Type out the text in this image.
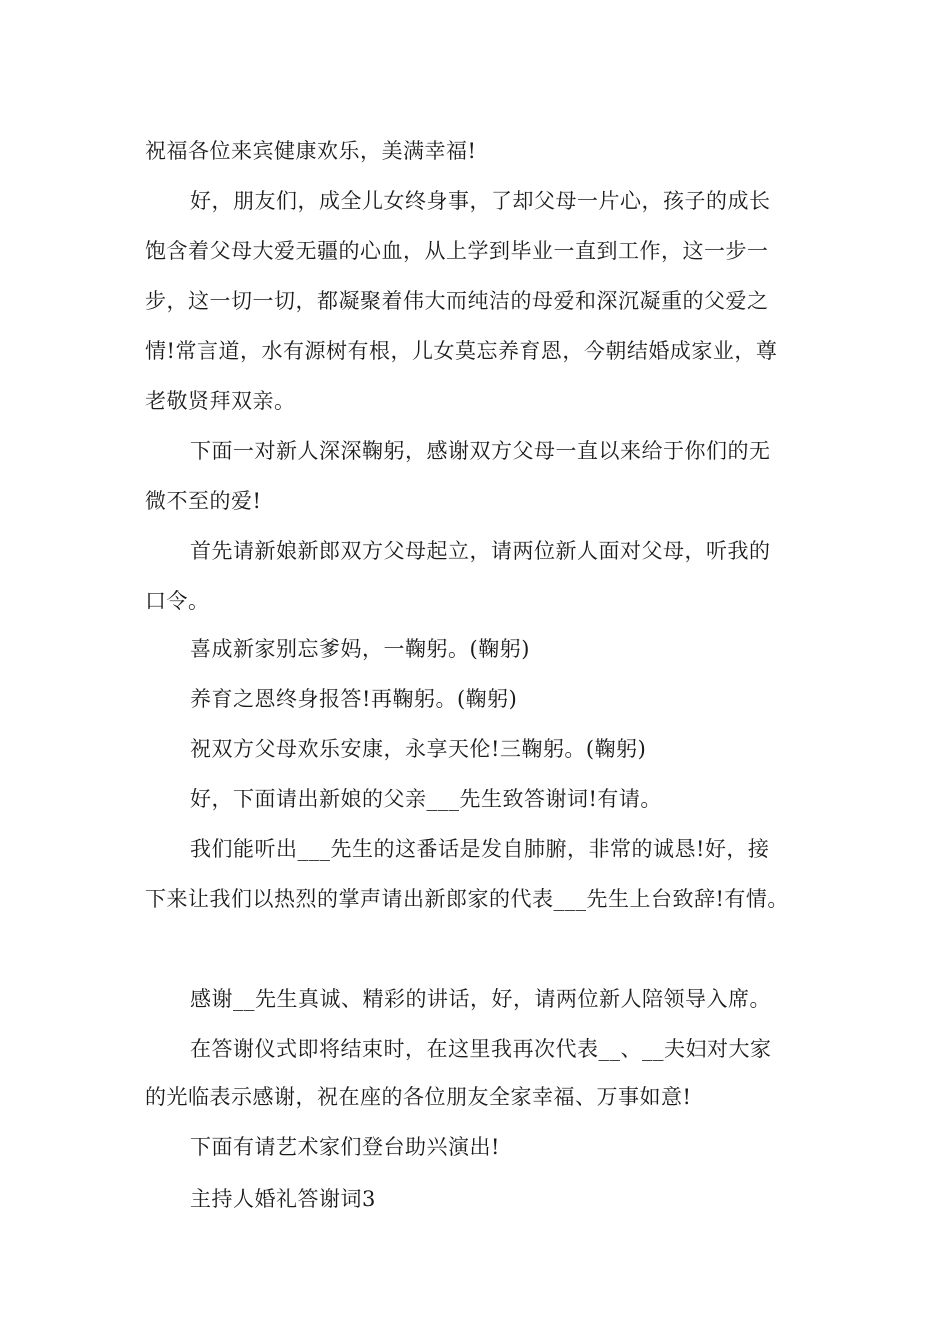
祝福各位来宾健康欢乐，美满幸福!
好，朋友们，成全儿女终身事，了却父母一片心，孩子的成长
饱含着父母大爱无疆的心血，从上学到毕业一直到工作，这一步一
步，这一切一切，都凝聚着伟大而纯洁的母爱和深沉凝重的父爱之
情!常言道，水有源树有根，儿女莫忘养育恩，今朝结婚成家业，尊
老敬贤拜双亲。
下面一对新人深深鞠躬，感谢双方父母一直以来给于你们的无
微不至的爱!
首先请新娘新郎双方父母起立，请两位新人面对父母，听我的
口令。
喜成新家别忘爹妈，一鞠躬。(鞠躬)
养育之恩终身报答!再鞠躬。(鞠躬)
祝双方父母欢乐安康，永享天伦!三鞠躬。(鞠躬)
好，下面请出新娘的父亲___先生致答谢词!有请。
我们能听出___先生的这番话是发自肺腑，非常的诚恳!好，接
下来让我们以热烈的掌声请出新郎家的代表___先生上台致辞!有情。
感谢__先生真诚、精彩的讲话，好，请两位新人陪领导入席。
在答谢仪式即将结束时，在这里我再次代表__、__夫妇对大家
的光临表示感谢，祝在座的各位朋友全家幸福、万事如意!
下面有请艺术家们登台助兴演出!
主持人婚礼答谢词3
